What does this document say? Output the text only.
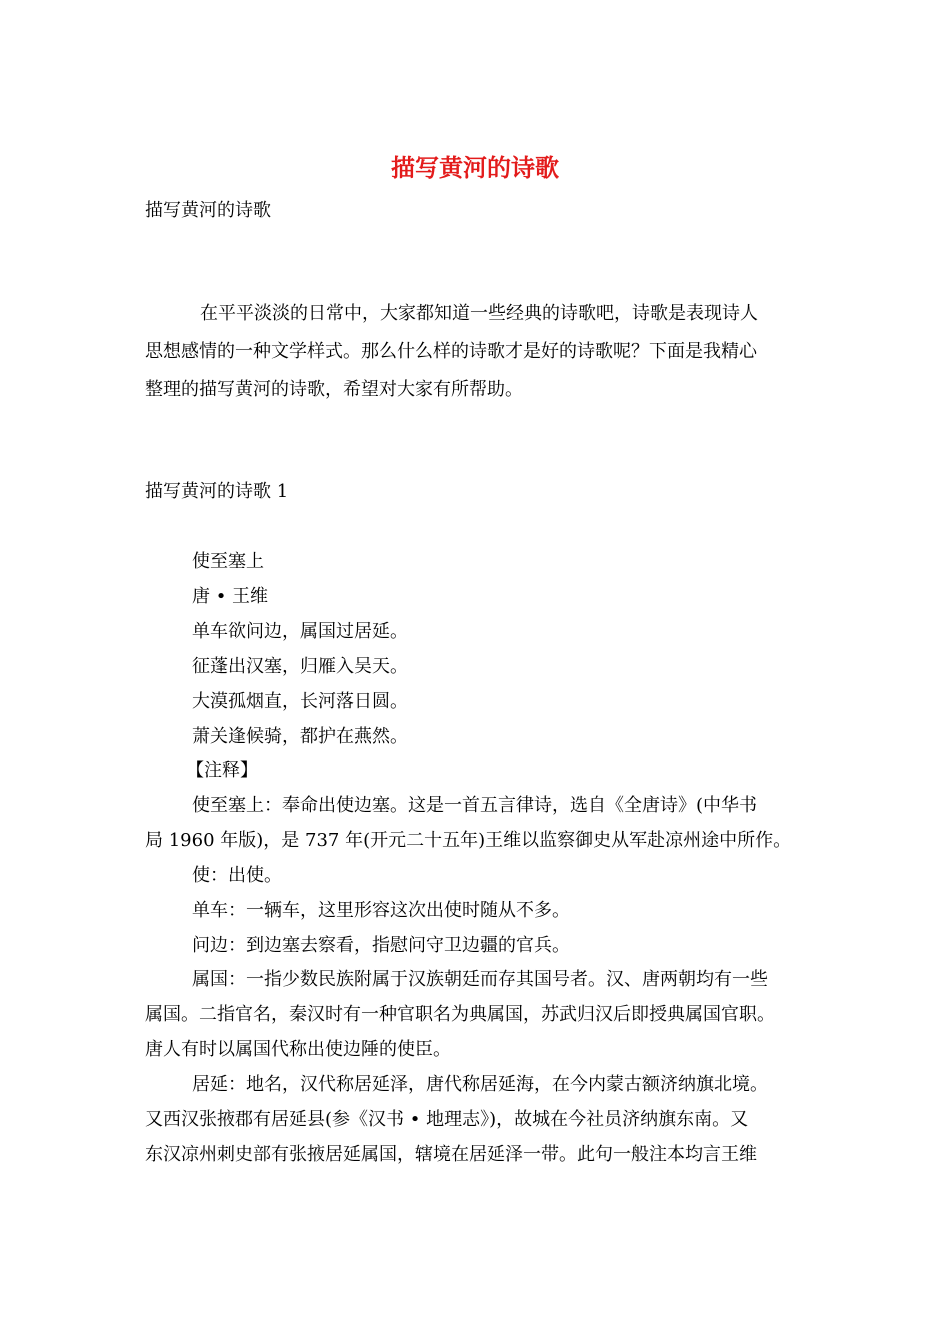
描写黄河的诗歌
描写黄河的诗歌
在平平淡淡的日常中，大家都知道一些经典的诗歌吧，诗歌是表现诗人
思想感情的一种文学样式。那么什么样的诗歌才是好的诗歌呢？下面是我精心
整理的描写黄河的诗歌，希望对大家有所帮助。
描写黄河的诗歌 1
使至塞上
唐 • 王维
单车欲问边，属国过居延。
征蓬出汉塞，归雁入吴天。
大漠孤烟直，长河落日圆。
萧关逢候骑，都护在燕然。
【注释】
使至塞上：奉命出使边塞。这是一首五言律诗，选自《全唐诗》(中华书
局 1960 年版)，是 737 年(开元二十五年)王维以监察御史从军赴凉州途中所作。
使：出使。
单车：一辆车，这里形容这次出使时随从不多。
问边：到边塞去察看，指慰问守卫边疆的官兵。
属国：一指少数民族附属于汉族朝廷而存其国号者。汉、唐两朝均有一些
属国。二指官名，秦汉时有一种官职名为典属国，苏武归汉后即授典属国官职。
唐人有时以属国代称出使边陲的使臣。
居延：地名，汉代称居延泽，唐代称居延海，在今内蒙古额济纳旗北境。
又西汉张掖郡有居延县(参《汉书 • 地理志》)，故城在今社员济纳旗东南。又
东汉凉州刺史部有张掖居延属国，辖境在居延泽一带。此句一般注本均言王维
